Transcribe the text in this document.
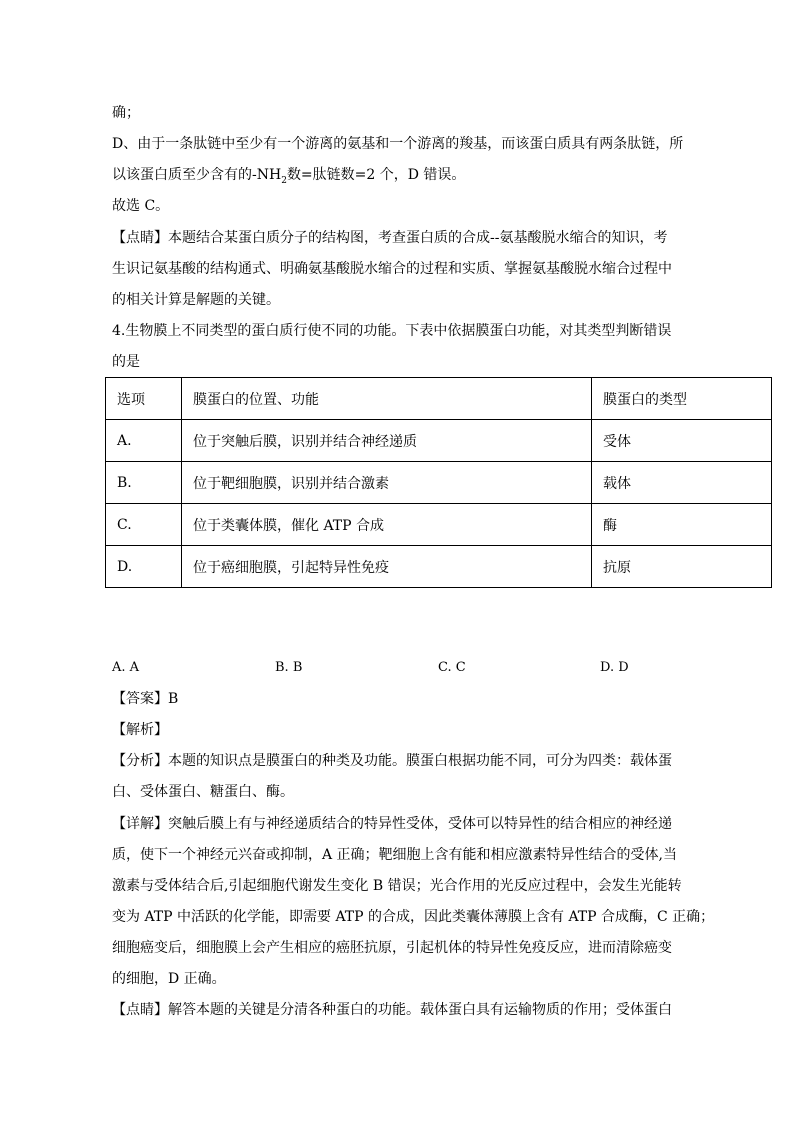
确；
D、由于一条肽链中至少有一个游离的氨基和一个游离的羧基，而该蛋白质具有两条肽链，所
以该蛋白质至少含有的$-NH_2$数=肽链数=2 个，D 错误。
故选 C。
【点睛】本题结合某蛋白质分子的结构图，考查蛋白质的合成--氨基酸脱水缩合的知识，考
生识记氨基酸的结构通式、明确氨基酸脱水缩合的过程和实质、掌握氨基酸脱水缩合过程中
的相关计算是解题的关键。
4.生物膜上不同类型的蛋白质行使不同的功能。下表中依据膜蛋白功能，对其类型判断错误
的是
选项	膜蛋白的位置、功能	膜蛋白的类型
A.	位于突触后膜，识别并结合神经递质	受体
B.	位于靶细胞膜，识别并结合激素	载体
C.	位于类囊体膜，催化 ATP 合成	酶
D.	位于癌细胞膜，引起特异性免疫	抗原
A. A	B. B	C. C	D. D
【答案】B
【解析】
【分析】本题的知识点是膜蛋白的种类及功能。膜蛋白根据功能不同，可分为四类：载体蛋
白、受体蛋白、糖蛋白、酶。
【详解】突触后膜上有与神经递质结合的特异性受体，受体可以特异性的结合相应的神经递
质，使下一个神经元兴奋或抑制，A 正确；靶细胞上含有能和相应激素特异性结合的受体,当
激素与受体结合后,引起细胞代谢发生变化 B 错误；光合作用的光反应过程中，会发生光能转
变为 ATP 中活跃的化学能，即需要 ATP 的合成，因此类囊体薄膜上含有 ATP 合成酶，C 正确；
细胞癌变后，细胞膜上会产生相应的癌胚抗原，引起机体的特异性免疫反应，进而清除癌变
的细胞，D 正确。
【点睛】解答本题的关键是分清各种蛋白的功能。载体蛋白具有运输物质的作用；受体蛋白
